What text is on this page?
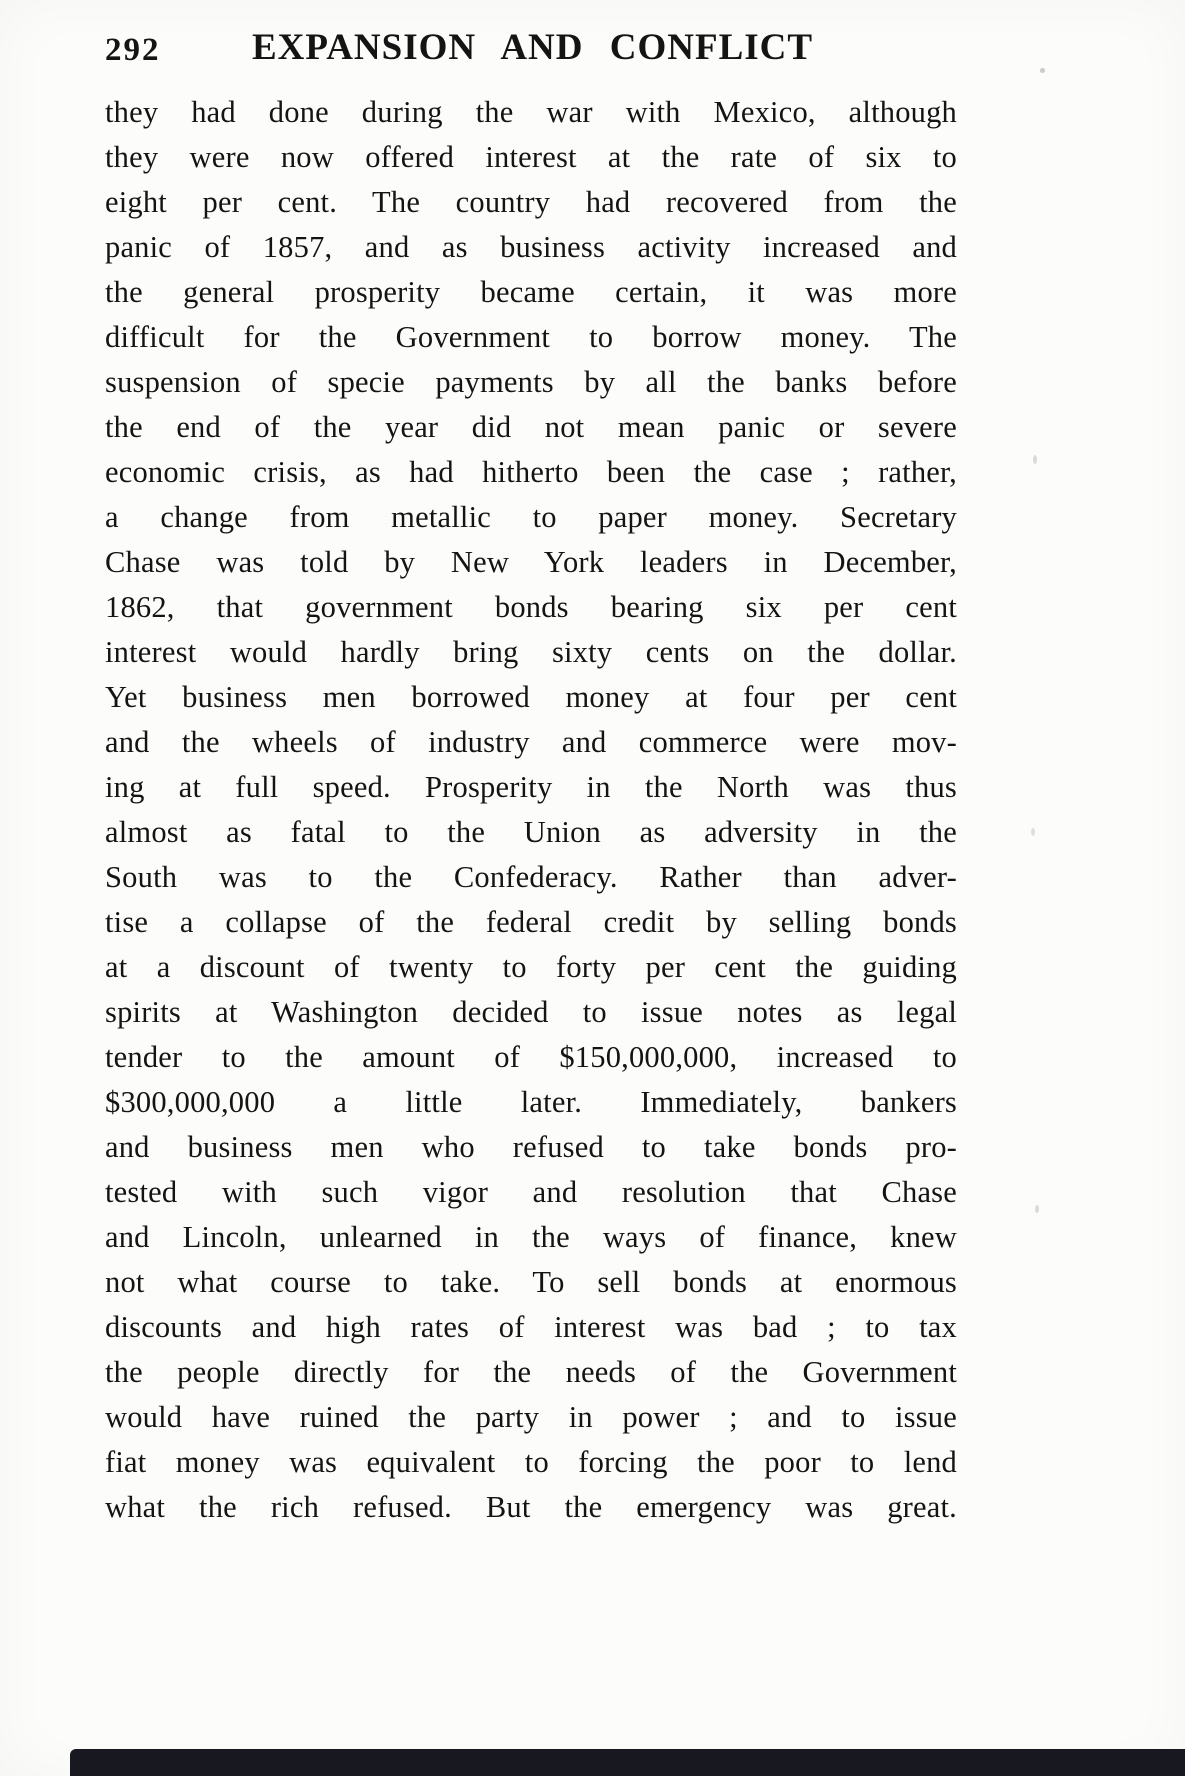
292	EXPANSION AND CONFLICT
they had done during the war with Mexico, although
they were now offered interest at the rate of six to
eight per cent. The country had recovered from the
panic of 1857, and as business activity increased and
the general prosperity became certain, it was more
difficult for the Government to borrow money. The
suspension of specie payments by all the banks before
the end of the year did not mean panic or severe
economic crisis, as had hitherto been the case ; rather,
a change from metallic to paper money. Secretary
Chase was told by New York leaders in December,
1862, that government bonds bearing six per cent
interest would hardly bring sixty cents on the dollar.
Yet business men borrowed money at four per cent
and the wheels of industry and commerce were mov-
ing at full speed. Prosperity in the North was thus
almost as fatal to the Union as adversity in the
South was to the Confederacy. Rather than adver-
tise a collapse of the federal credit by selling bonds
at a discount of twenty to forty per cent the guiding
spirits at Washington decided to issue notes as legal
tender to the amount of $150,000,000, increased to
$300,000,000 a little later. Immediately, bankers
and business men who refused to take bonds pro-
tested with such vigor and resolution that Chase
and Lincoln, unlearned in the ways of finance, knew
not what course to take. To sell bonds at enormous
discounts and high rates of interest was bad ; to tax
the people directly for the needs of the Government
would have ruined the party in power ; and to issue
fiat money was equivalent to forcing the poor to lend
what the rich refused. But the emergency was great.
